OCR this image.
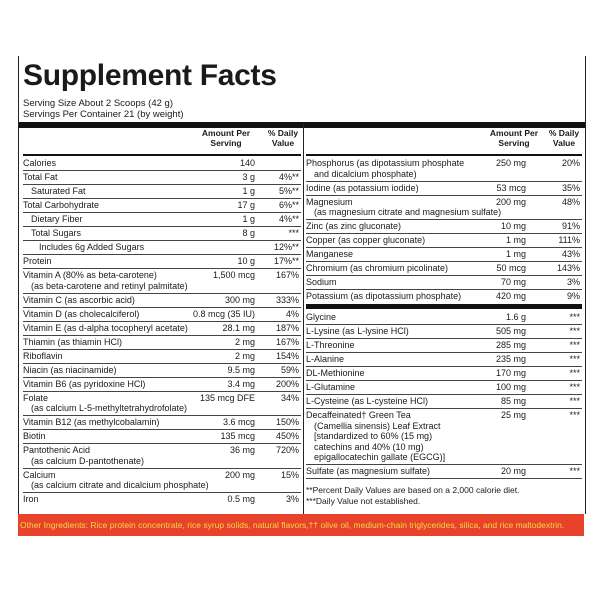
Supplement Facts
Serving Size About 2 Scoops (42 g)
Servings Per Container 21 (by weight)
Amount Per Serving
% Daily Value
Calories	140
Total Fat	3 g	4%**
Saturated Fat	1 g	5%**
Total Carbohydrate	17 g	6%**
Dietary Fiber	1 g	4%**
Total Sugars	8 g	***
Includes 6g Added Sugars	12%**
Protein	10 g 17%**
Vitamin A (80% as beta-carotene)
(as beta-carotene and retinyl palmitate)
1,500 mcg 167%
Vitamin C (as ascorbic acid)	300 mg 333%
Vitamin D (as cholecalciferol)	0.8 mcg (35 IU)	4%
Vitamin E (as d-alpha tocopheryl acetate)	28.1 mg 187%
Thiamin (as thiamin HCl)	2 mg 167%
Riboflavin	2 mg 154%
Niacin (as niacinamide)	9.5 mg	59%
Vitamin B6 (as pyridoxine HCl)	3.4 mg 200%
Folate
(as calcium L-5-methyltetrahydrofolate)
135 mcg DFE	34%
Vitamin B12 (as methylcobalamin)	3.6 mcg 150%
Biotin	135 mcg 450%
Pantothenic Acid
(as calcium D-pantothenate)
36 mg 720%
Calcium
(as calcium citrate and dicalcium phosphate)
200 mg	15%
Iron	0.5 mg	3%
Amount Per Serving
% Daily Value
Phosphorus (as dipotassium phosphate
and dicalcium phosphate)
250 mg	20%
Iodine (as potassium iodide)	53 mcg	35%
Magnesium
(as magnesium citrate and magnesium sulfate)
200 mg	48%
Zinc (as zinc gluconate)	10 mg	91%
Copper (as copper gluconate)	1 mg	111%
Manganese	1 mg	43%
Chromium (as chromium picolinate)	50 mcg	143%
Sodium	70 mg	3%
Potassium (as dipotassium phosphate)	420 mg	9%
Glycine	1.6 g	***
L-Lysine (as L-lysine HCl)	505 mg	***
L-Threonine	285 mg	***
L-Alanine	235 mg	***
DL-Methionine	170 mg	***
L-Glutamine	100 mg	***
L-Cysteine (as L-cysteine HCl)	85 mg	***
Decaffeinated† Green Tea
(Camellia sinensis) Leaf Extract
[standardized to 60% (15 mg)
catechins and 40% (10 mg)
epigallocatechin gallate (EGCG)]
25 mg	***
Sulfate (as magnesium sulfate)	20 mg	***
**Percent Daily Values are based on a 2,000 calorie diet.
***Daily Value not established.
Other Ingredients: Rice protein concentrate, rice syrup solids, natural flavors,†† olive oil, medium-chain triglycerides, silica, and rice maltodextrin.
